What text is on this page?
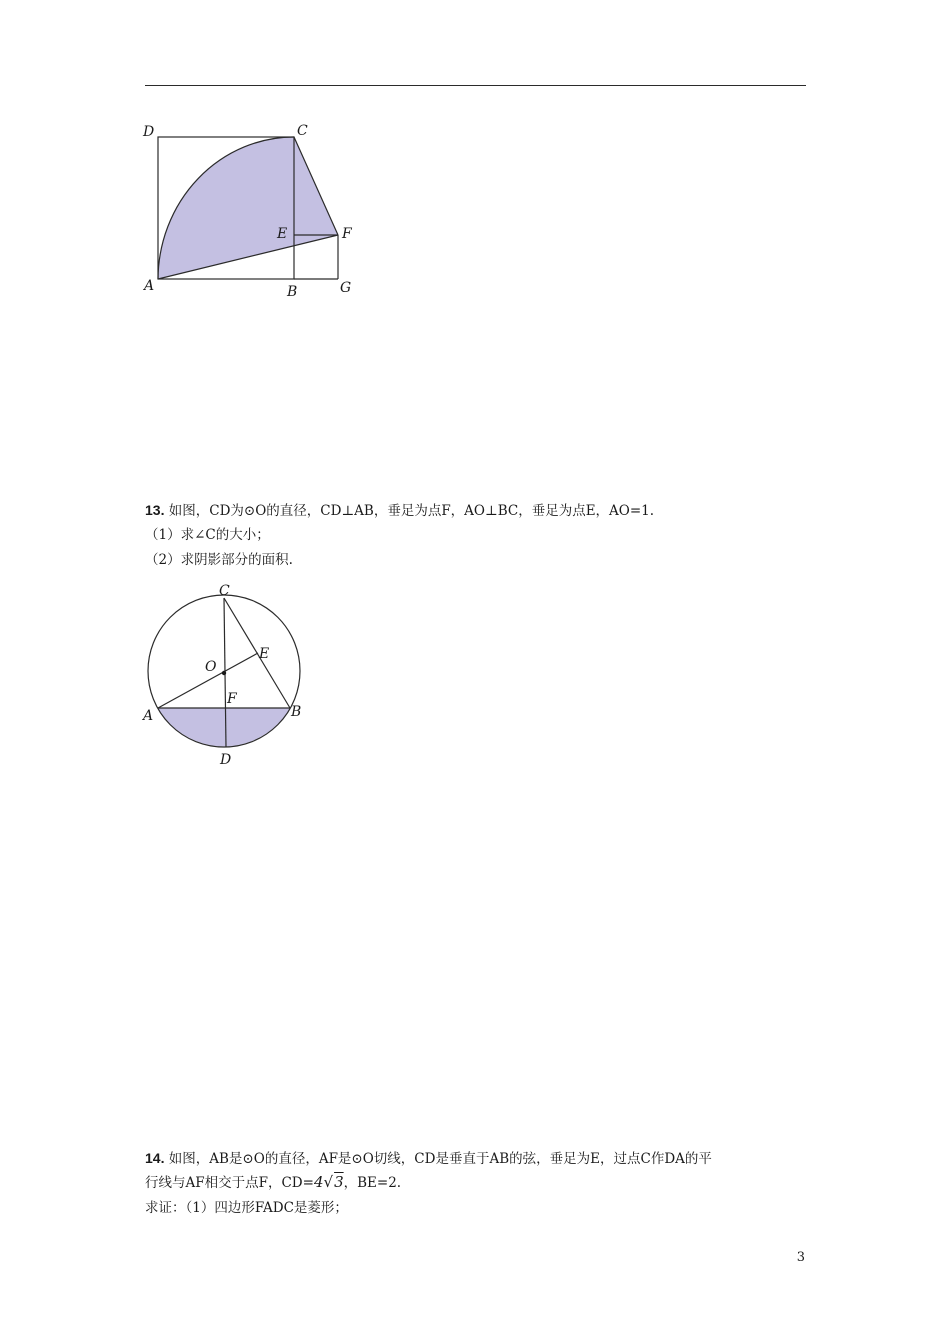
D	C
E	F
A	B	G
13. 如图，CD为⊙O的直径，CD⊥AB，垂足为点F，AO⊥BC，垂足为点E，AO=1.
（1）求∠C的大小；
（2）求阴影部分的面积.
C
O
E
F
A	B
D
14. 如图，AB是⊙O的直径，AF是⊙O切线，CD是垂直于AB的弦，垂足为E，过点C作DA的平
行线与AF相交于点F，CD=4√3，BE=2.
求证：（1）四边形FADC是菱形；
3
